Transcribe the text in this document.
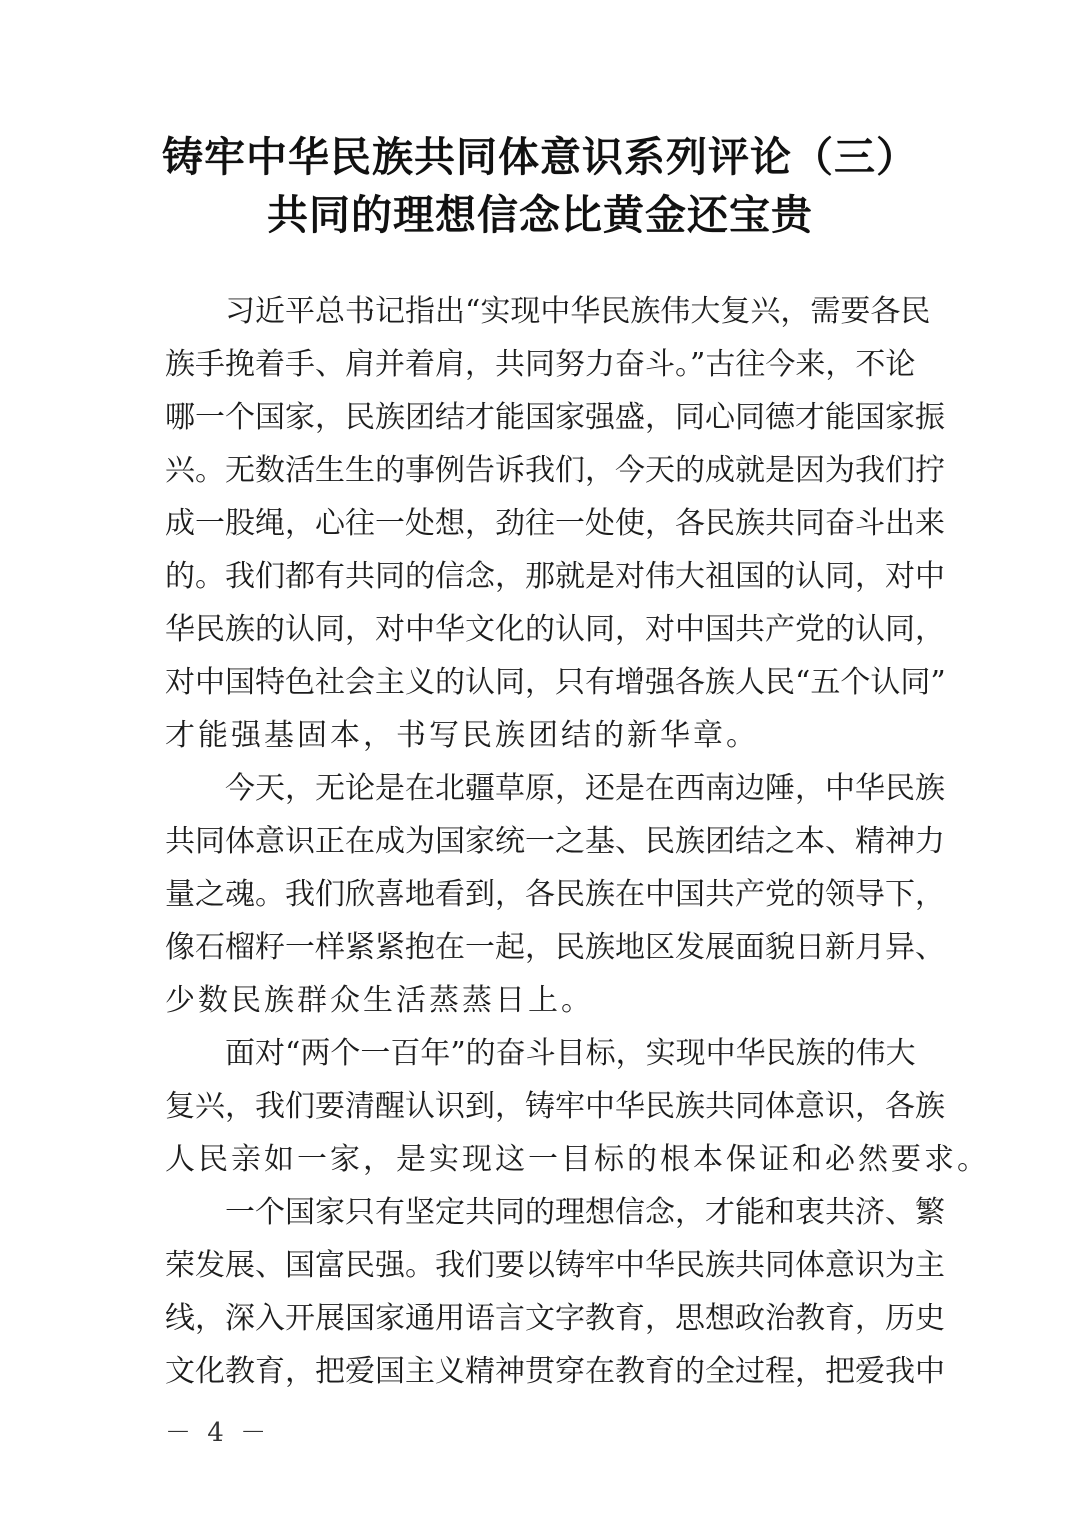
铸牢中华民族共同体意识系列评论（三）
共同的理想信念比黄金还宝贵
习近平总书记指出“实现中华民族伟大复兴，需要各民
族手挽着手、肩并着肩，共同努力奋斗。”古往今来，不论
哪一个国家，民族团结才能国家强盛，同心同德才能国家振
兴。无数活生生的事例告诉我们，今天的成就是因为我们拧
成一股绳，心往一处想，劲往一处使，各民族共同奋斗出来
的。我们都有共同的信念，那就是对伟大祖国的认同，对中
华民族的认同，对中华文化的认同，对中国共产党的认同，
对中国特色社会主义的认同，只有增强各族人民“五个认同”
才能强基固本，书写民族团结的新华章。
今天，无论是在北疆草原，还是在西南边陲，中华民族
共同体意识正在成为国家统一之基、民族团结之本、精神力
量之魂。我们欣喜地看到，各民族在中国共产党的领导下，
像石榴籽一样紧紧抱在一起，民族地区发展面貌日新月异、
少数民族群众生活蒸蒸日上。
面对“两个一百年”的奋斗目标，实现中华民族的伟大
复兴，我们要清醒认识到，铸牢中华民族共同体意识，各族
人民亲如一家，是实现这一目标的根本保证和必然要求。
一个国家只有坚定共同的理想信念，才能和衷共济、繁
荣发展、国富民强。我们要以铸牢中华民族共同体意识为主
线，深入开展国家通用语言文字教育，思想政治教育，历史
文化教育，把爱国主义精神贯穿在教育的全过程，把爱我中
－ 4 －
